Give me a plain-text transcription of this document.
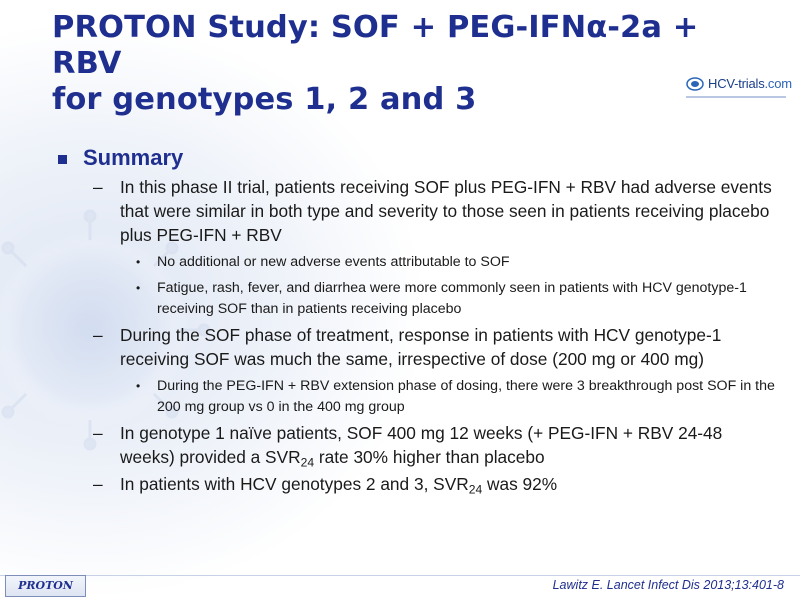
PROTON Study: SOF + PEG-IFNα-2a + RBV
for genotypes 1, 2 and 3	HCV-trials.com
Summary
– In this phase II trial, patients receiving SOF plus PEG-IFN + RBV had adverse events that were similar in both type and severity to those seen in patients receiving placebo plus PEG-IFN + RBV
• No additional or new adverse events attributable to SOF
• Fatigue, rash, fever, and diarrhea were more commonly seen in patients with HCV genotype-1 receiving SOF than in patients receiving placebo
– During the SOF phase of treatment, response in patients with HCV genotype-1 receiving SOF was much the same, irrespective of dose (200 mg or 400 mg)
• During the PEG-IFN + RBV extension phase of dosing, there were 3 breakthrough post SOF in the 200 mg group vs 0 in the 400 mg group
– In genotype 1 naïve patients, SOF 400 mg 12 weeks (+ PEG-IFN + RBV 24-48 weeks) provided a $SVR_{24}$ rate 30% higher than placebo
– In patients with HCV genotypes 2 and 3, $SVR_{24}$ was 92%
PROTON	Lawitz E. Lancet Infect Dis 2013;13:401-8
